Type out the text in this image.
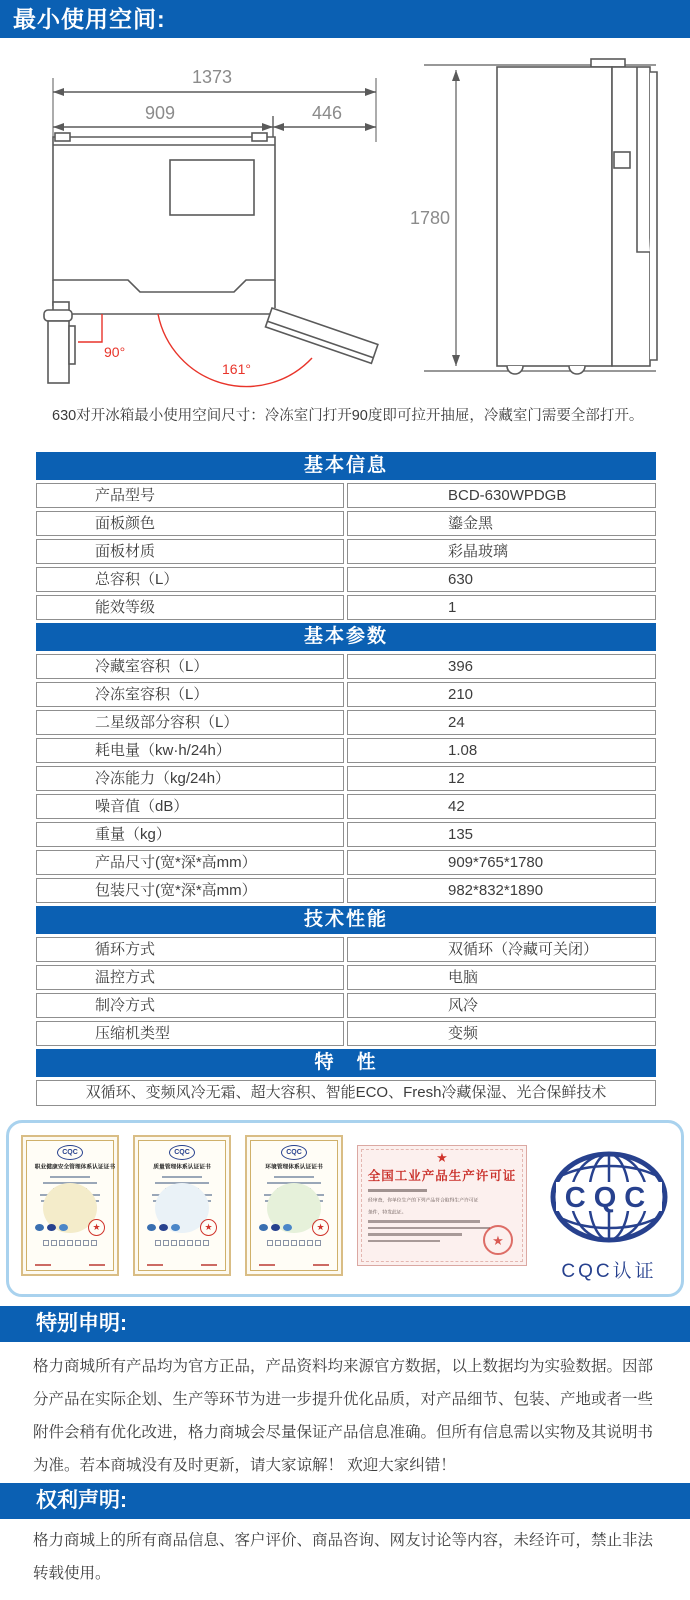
最小使用空间:
1373
909	446
90°
161°
1780
630对开冰箱最小使用空间尺寸：冷冻室门打开90度即可拉开抽屉，冷藏室门需要全部打开。
基本信息
产品型号	BCD-630WPDGB
面板颜色	鎏金黑
面板材质	彩晶玻璃
总容积（L）	630
能效等级	1
基本参数
冷藏室容积（L）	396
冷冻室容积（L）	210
二星级部分容积（L）	24
耗电量（kw·h/24h）	1.08
冷冻能力（kg/24h）	12
噪音值（dB）	42
重量（kg）	135
产品尺寸(宽*深*高mm）	909*765*1780
包装尺寸(宽*深*高mm）	982*832*1890
技术性能
循环方式	双循环（冷藏可关闭）
温控方式	电脑
制冷方式	风冷
压缩机类型	变频
特　性
双循环、变频风冷无霜、超大容积、智能ECO、Fresh冷藏保湿、光合保鲜技术
CQC
职业健康安全管理体系认证证书
★
CQC
质量管理体系认证证书
★
CQC
环境管理体系认证证书
★
★
全国工业产品生产许可证
经审查，你单位生产的下列产品符合取得生产许可证
条件，特发此证。
★
CQC
CQC认证
特别申明:
格力商城所有产品均为官方正品，产品资料均来源官方数据，以上数据均为实验数据。因部
分产品在实际企划、生产等环节为进一步提升优化品质，对产品细节、包装、产地或者一些
附件会稍有优化改进，格力商城会尽量保证产品信息准确。但所有信息需以实物及其说明书
为准。若本商城没有及时更新，请大家谅解！ 欢迎大家纠错！
权利声明:
格力商城上的所有商品信息、客户评价、商品咨询、网友讨论等内容，未经许可，禁止非法
转载使用。
